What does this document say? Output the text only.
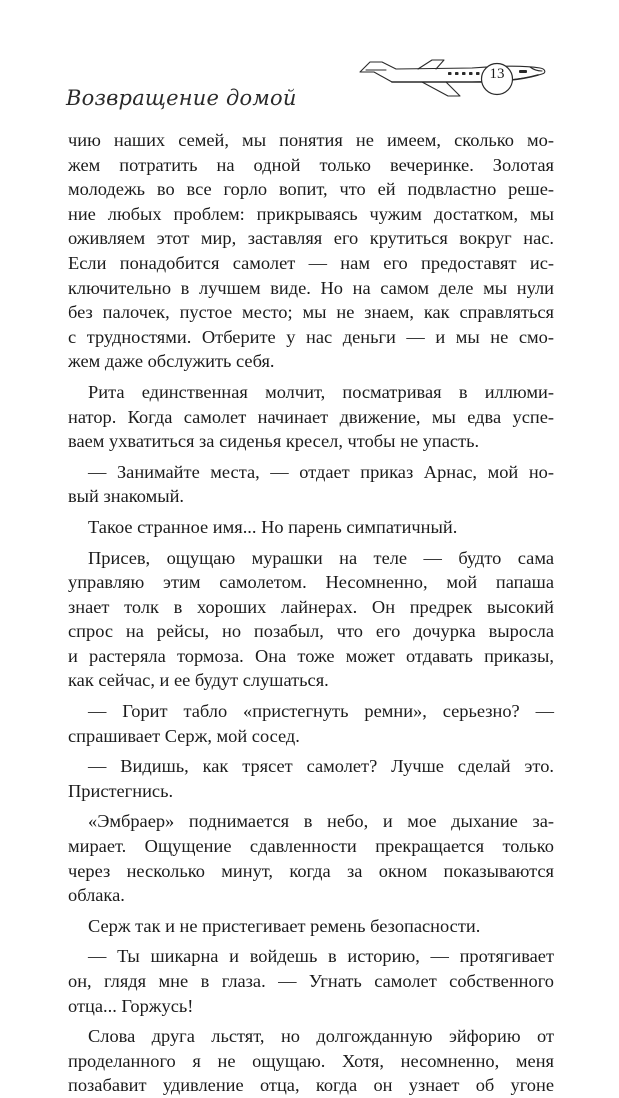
Возвращение домой
13
чию наших семей, мы понятия не имеем, сколько мо-
жем потратить на одной только вечеринке. Золотая
молодежь во все горло вопит, что ей подвластно реше-
ние любых проблем: прикрываясь чужим достатком, мы
оживляем этот мир, заставляя его крутиться вокруг нас.
Если понадобится самолет — нам его предоставят ис-
ключительно в лучшем виде. Но на самом деле мы нули
без палочек, пустое место; мы не знаем, как справляться
с трудностями. Отберите у нас деньги — и мы не смо-
жем даже обслужить себя.
Рита единственная молчит, посматривая в иллюми-
натор. Когда самолет начинает движение, мы едва успе-
ваем ухватиться за сиденья кресел, чтобы не упасть.
— Занимайте места, — отдает приказ Арнас, мой но-
вый знакомый.
Такое странное имя... Но парень симпатичный.
Присев, ощущаю мурашки на теле — будто сама
управляю этим самолетом. Несомненно, мой папаша
знает толк в хороших лайнерах. Он предрек высокий
спрос на рейсы, но позабыл, что его дочурка выросла
и растеряла тормоза. Она тоже может отдавать приказы,
как сейчас, и ее будут слушаться.
— Горит табло «пристегнуть ремни», серьезно? —
спрашивает Серж, мой сосед.
— Видишь, как трясет самолет? Лучше сделай это.
Пристегнись.
«Эмбраер» поднимается в небо, и мое дыхание за-
мирает. Ощущение сдавленности прекращается только
через несколько минут, когда за окном показываются
облака.
Серж так и не пристегивает ремень безопасности.
— Ты шикарна и войдешь в историю, — протягивает
он, глядя мне в глаза. — Угнать самолет собственного
отца... Горжусь!
Слова друга льстят, но долгожданную эйфорию от
проделанного я не ощущаю. Хотя, несомненно, меня
позабавит удивление отца, когда он узнает об угоне
